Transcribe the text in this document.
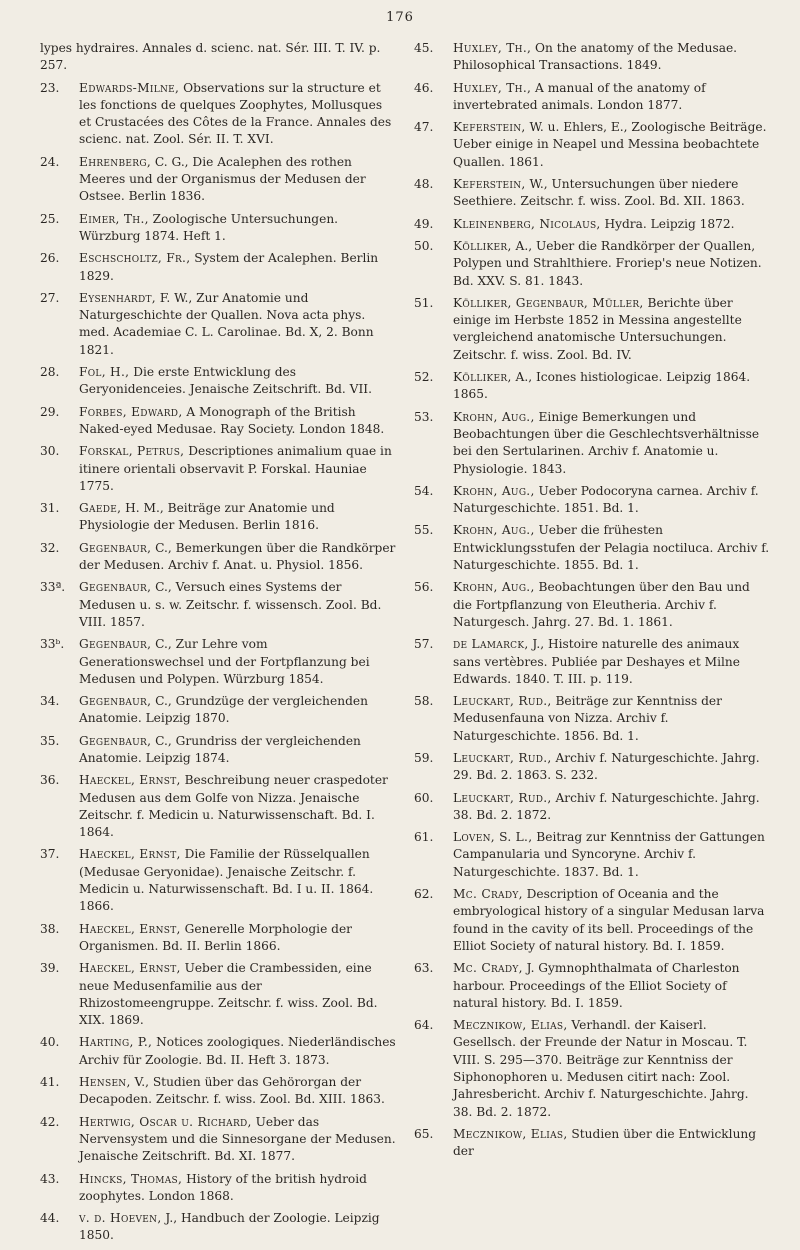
176
lypes hydraires. Annales d. scienc. nat. Sér. III. T. IV. p. 257.
23.	Edwards-Milne, Observations sur la structure et les fonctions de quelques Zoophytes, Mollusques et Crustacées des Côtes de la France. Annales des scienc. nat. Zool. Sér. II. T. XVI.
24.	Ehrenberg, C. G., Die Acalephen des rothen Meeres und der Organismus der Medusen der Ostsee. Berlin 1836.
25.	Eimer, Th., Zoologische Untersuchungen. Würzburg 1874. Heft 1.
26.	Eschscholtz, Fr., System der Acalephen. Berlin 1829.
27.	Eysenhardt, F. W., Zur Anatomie und Naturgeschichte der Quallen. Nova acta phys. med. Academiae C. L. Carolinae. Bd. X, 2. Bonn 1821.
28.	Fol, H., Die erste Entwicklung des Geryonidenceies. Jenaische Zeitschrift. Bd. VII.
29.	Forbes, Edward, A Monograph of the British Naked-eyed Medusae. Ray Society. London 1848.
30.	Forskal, Petrus, Descriptiones animalium quae in itinere orientali observavit P. Forskal. Hauniae 1775.
31.	Gaede, H. M., Beiträge zur Anatomie und Physiologie der Medusen. Berlin 1816.
32.	Gegenbaur, C., Bemerkungen über die Randkörper der Medusen. Archiv f. Anat. u. Physiol. 1856.
33ª.	Gegenbaur, C., Versuch eines Systems der Medusen u. s. w. Zeitschr. f. wissensch. Zool. Bd. VIII. 1857.
33ᵇ.	Gegenbaur, C., Zur Lehre vom Generationswechsel und der Fortpflanzung bei Medusen und Polypen. Würzburg 1854.
34.	Gegenbaur, C., Grundzüge der vergleichenden Anatomie. Leipzig 1870.
35.	Gegenbaur, C., Grundriss der vergleichenden Anatomie. Leipzig 1874.
36.	Haeckel, Ernst, Beschreibung neuer craspedoter Medusen aus dem Golfe von Nizza. Jenaische Zeitschr. f. Medicin u. Naturwissenschaft. Bd. I. 1864.
37.	Haeckel, Ernst, Die Familie der Rüsselquallen (Medusae Geryonidae). Jenaische Zeitschr. f. Medicin u. Naturwissenschaft. Bd. I u. II. 1864. 1866.
38.	Haeckel, Ernst, Generelle Morphologie der Organismen. Bd. II. Berlin 1866.
39.	Haeckel, Ernst, Ueber die Crambessiden, eine neue Medusenfamilie aus der Rhizostomeengruppe. Zeitschr. f. wiss. Zool. Bd. XIX. 1869.
40.	Harting, P., Notices zoologiques. Niederländisches Archiv für Zoologie. Bd. II. Heft 3. 1873.
41.	Hensen, V., Studien über das Gehörorgan der Decapoden. Zeitschr. f. wiss. Zool. Bd. XIII. 1863.
42.	Hertwig, Oscar u. Richard, Ueber das Nervensystem und die Sinnesorgane der Medusen. Jenaische Zeitschrift. Bd. XI. 1877.
43.	Hincks, Thomas, History of the british hydroid zoophytes. London 1868.
44.	v. d. Hoeven, J., Handbuch der Zoologie. Leipzig 1850.
45.	Huxley, Th., On the anatomy of the Medusae. Philosophical Transactions. 1849.
46.	Huxley, Th., A manual of the anatomy of invertebrated animals. London 1877.
47.	Keferstein, W. u. Ehlers, E., Zoologische Beiträge. Ueber einige in Neapel und Messina beobachtete Quallen. 1861.
48.	Keferstein, W., Untersuchungen über niedere Seethiere. Zeitschr. f. wiss. Zool. Bd. XII. 1863.
49.	Kleinenberg, Nicolaus, Hydra. Leipzig 1872.
50.	Kölliker, A., Ueber die Randkörper der Quallen, Polypen und Strahlthiere. Froriep's neue Notizen. Bd. XXV. S. 81. 1843.
51.	Kölliker, Gegenbaur, Müller, Berichte über einige im Herbste 1852 in Messina angestellte vergleichend anatomische Untersuchungen. Zeitschr. f. wiss. Zool. Bd. IV.
52.	Kölliker, A., Icones histiologicae. Leipzig 1864. 1865.
53.	Krohn, Aug., Einige Bemerkungen und Beobachtungen über die Geschlechtsverhältnisse bei den Sertularinen. Archiv f. Anatomie u. Physiologie. 1843.
54.	Krohn, Aug., Ueber Podocoryna carnea. Archiv f. Naturgeschichte. 1851. Bd. 1.
55.	Krohn, Aug., Ueber die frühesten Entwicklungsstufen der Pelagia noctiluca. Archiv f. Naturgeschichte. 1855. Bd. 1.
56.	Krohn, Aug., Beobachtungen über den Bau und die Fortpflanzung von Eleutheria. Archiv f. Naturgesch. Jahrg. 27. Bd. 1. 1861.
57.	de Lamarck, J., Histoire naturelle des animaux sans vertèbres. Publiée par Deshayes et Milne Edwards. 1840. T. III. p. 119.
58.	Leuckart, Rud., Beiträge zur Kenntniss der Medusenfauna von Nizza. Archiv f. Naturgeschichte. 1856. Bd. 1.
59.	Leuckart, Rud., Archiv f. Naturgeschichte. Jahrg. 29. Bd. 2. 1863. S. 232.
60.	Leuckart, Rud., Archiv f. Naturgeschichte. Jahrg. 38. Bd. 2. 1872.
61.	Loven, S. L., Beitrag zur Kenntniss der Gattungen Campanularia und Syncoryne. Archiv f. Naturgeschichte. 1837. Bd. 1.
62.	Mc. Crady, Description of Oceania and the embryological history of a singular Medusan larva found in the cavity of its bell. Proceedings of the Elliot Society of natural history. Bd. I. 1859.
63.	Mc. Crady, J. Gymnophthalmata of Charleston harbour. Proceedings of the Elliot Society of natural history. Bd. I. 1859.
64.	Mecznikow, Elias, Verhandl. der Kaiserl. Gesellsch. der Freunde der Natur in Moscau. T. VIII. S. 295—370. Beiträge zur Kenntniss der Siphonophoren u. Medusen citirt nach: Zool. Jahresbericht. Archiv f. Naturgeschichte. Jahrg. 38. Bd. 2. 1872.
65.	Mecznikow, Elias, Studien über die Entwicklung der
